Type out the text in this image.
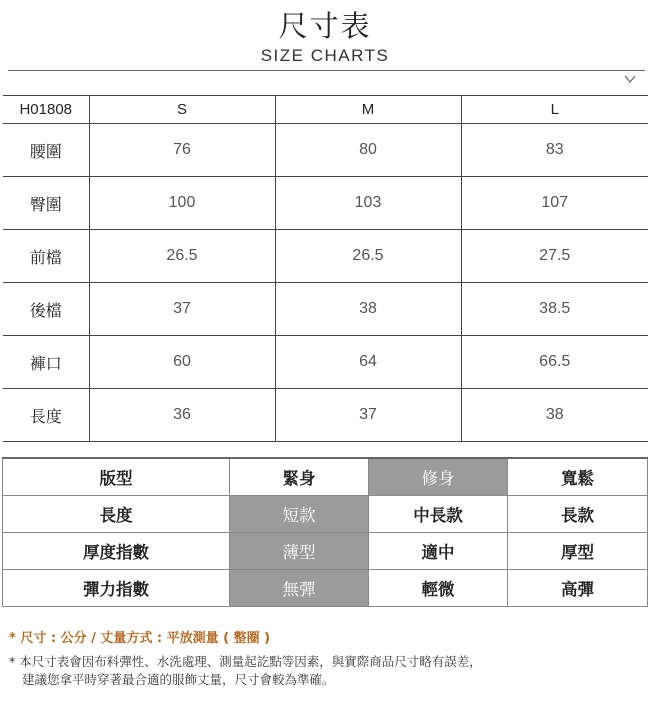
尺寸表
SIZE CHARTS
H01808	S	M	L
腰圍	76	80	83
臀圍	100	103	107
前檔	26.5	26.5	27.5
後檔	37	38	38.5
褲口	60	64	66.5
長度	36	37	38
版型	緊身	修身	寬鬆
長度	短款	中長款	長款
厚度指數	薄型	適中	厚型
彈力指數	無彈	輕微	高彈
* 尺寸 : 公分 / 丈量方式 : 平放測量 ( 整圈 )
* 本尺寸表會因布料彈性、水洗處理、測量起訖點等因素，與實際商品尺寸略有誤差，
建議您拿平時穿著最合適的服飾丈量，尺寸會較為準確。
